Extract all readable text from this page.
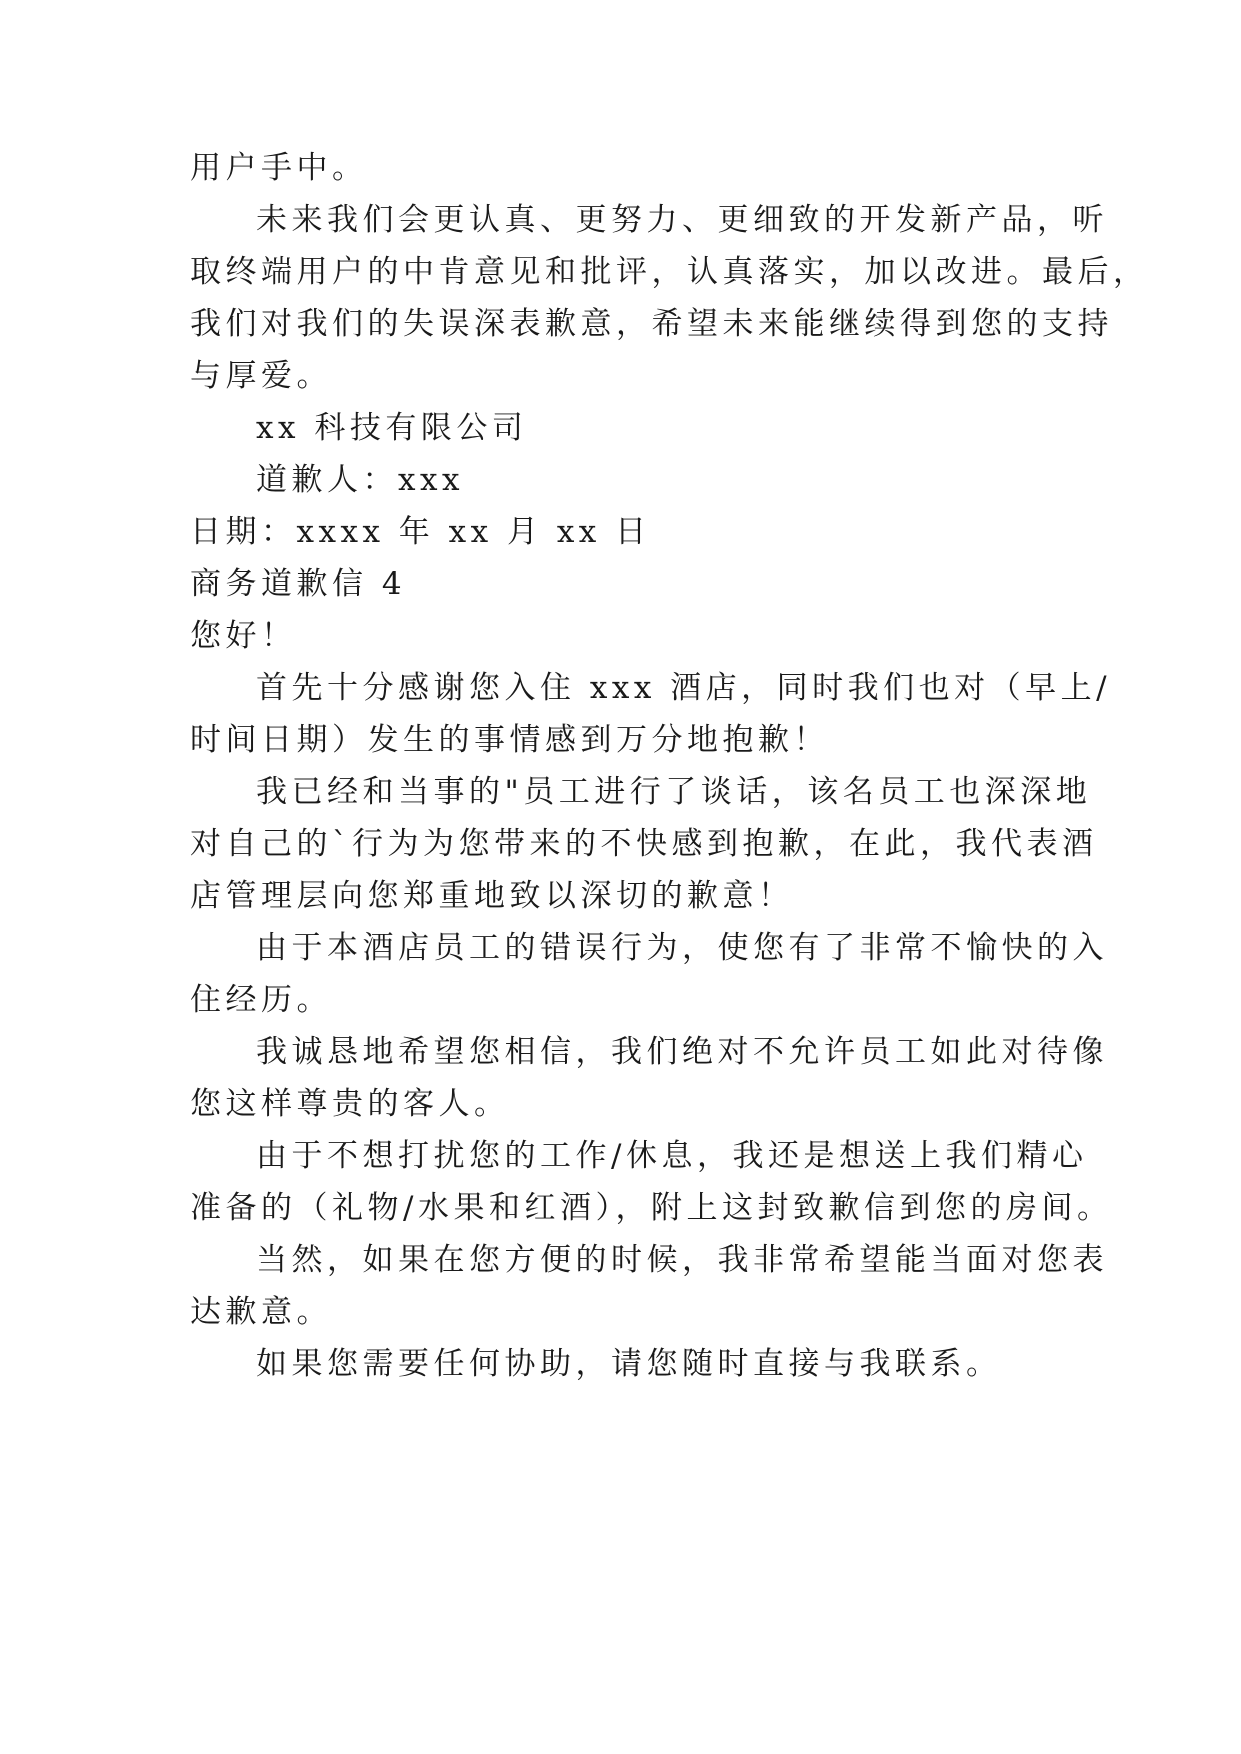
用户手中。
未来我们会更认真、更努力、更细致的开发新产品，听
取终端用户的中肯意见和批评，认真落实，加以改进。最后，
我们对我们的失误深表歉意，希望未来能继续得到您的支持
与厚爱。
xx 科技有限公司
道歉人：xxx
日期：xxxx 年 xx 月 xx 日
商务道歉信 4
您好！
首先十分感谢您入住 xxx 酒店，同时我们也对（早上/
时间日期）发生的事情感到万分地抱歉！
我已经和当事的"员工进行了谈话，该名员工也深深地
对自己的`行为为您带来的不快感到抱歉，在此，我代表酒
店管理层向您郑重地致以深切的歉意！
由于本酒店员工的错误行为，使您有了非常不愉快的入
住经历。
我诚恳地希望您相信，我们绝对不允许员工如此对待像
您这样尊贵的客人。
由于不想打扰您的工作/休息，我还是想送上我们精心
准备的（礼物/水果和红酒），附上这封致歉信到您的房间。
当然，如果在您方便的时候，我非常希望能当面对您表
达歉意。
如果您需要任何协助，请您随时直接与我联系。
